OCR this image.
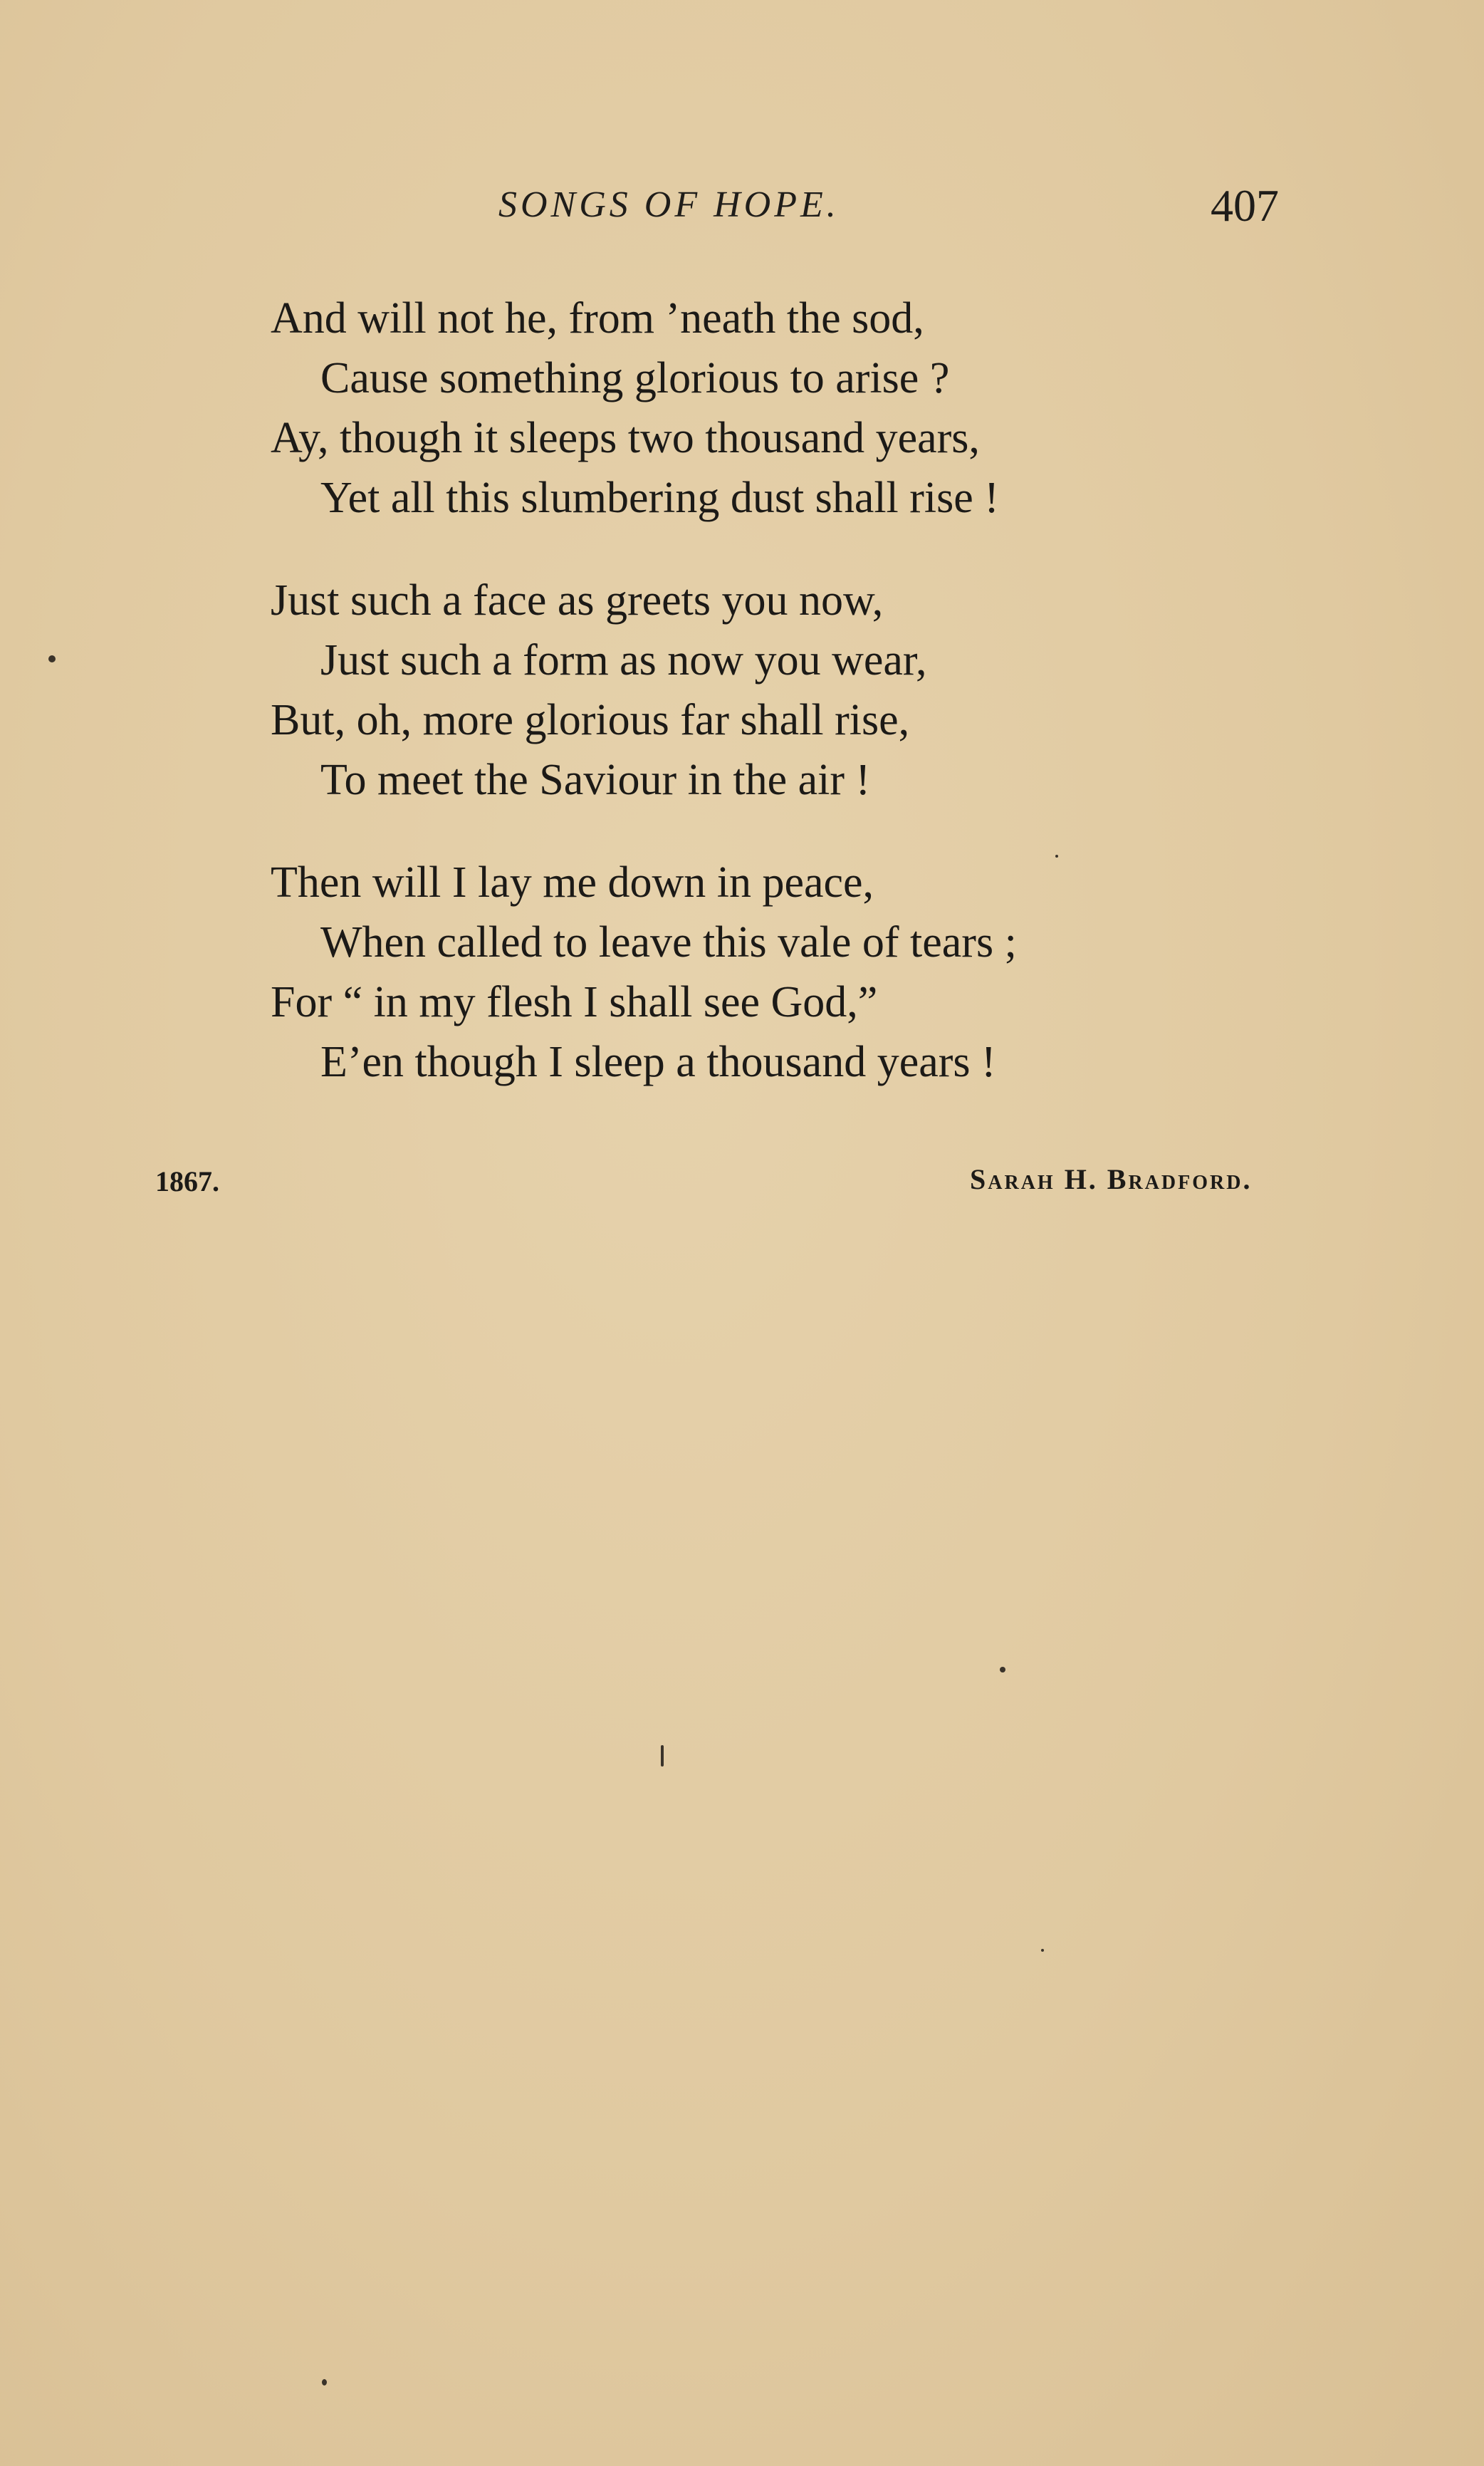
SONGS OF HOPE.	407
And will not he, from ’neath the sod,
Cause something glorious to arise ?
Ay, though it sleeps two thousand years,
Yet all this slumbering dust shall rise !
Just such a face as greets you now,
Just such a form as now you wear,
But, oh, more glorious far shall rise,
To meet the Saviour in the air !
Then will I lay me down in peace,
When called to leave this vale of tears ;
For “ in my flesh I shall see God,”
E’en though I sleep a thousand years !
1867.	Sarah H. Bradford.
